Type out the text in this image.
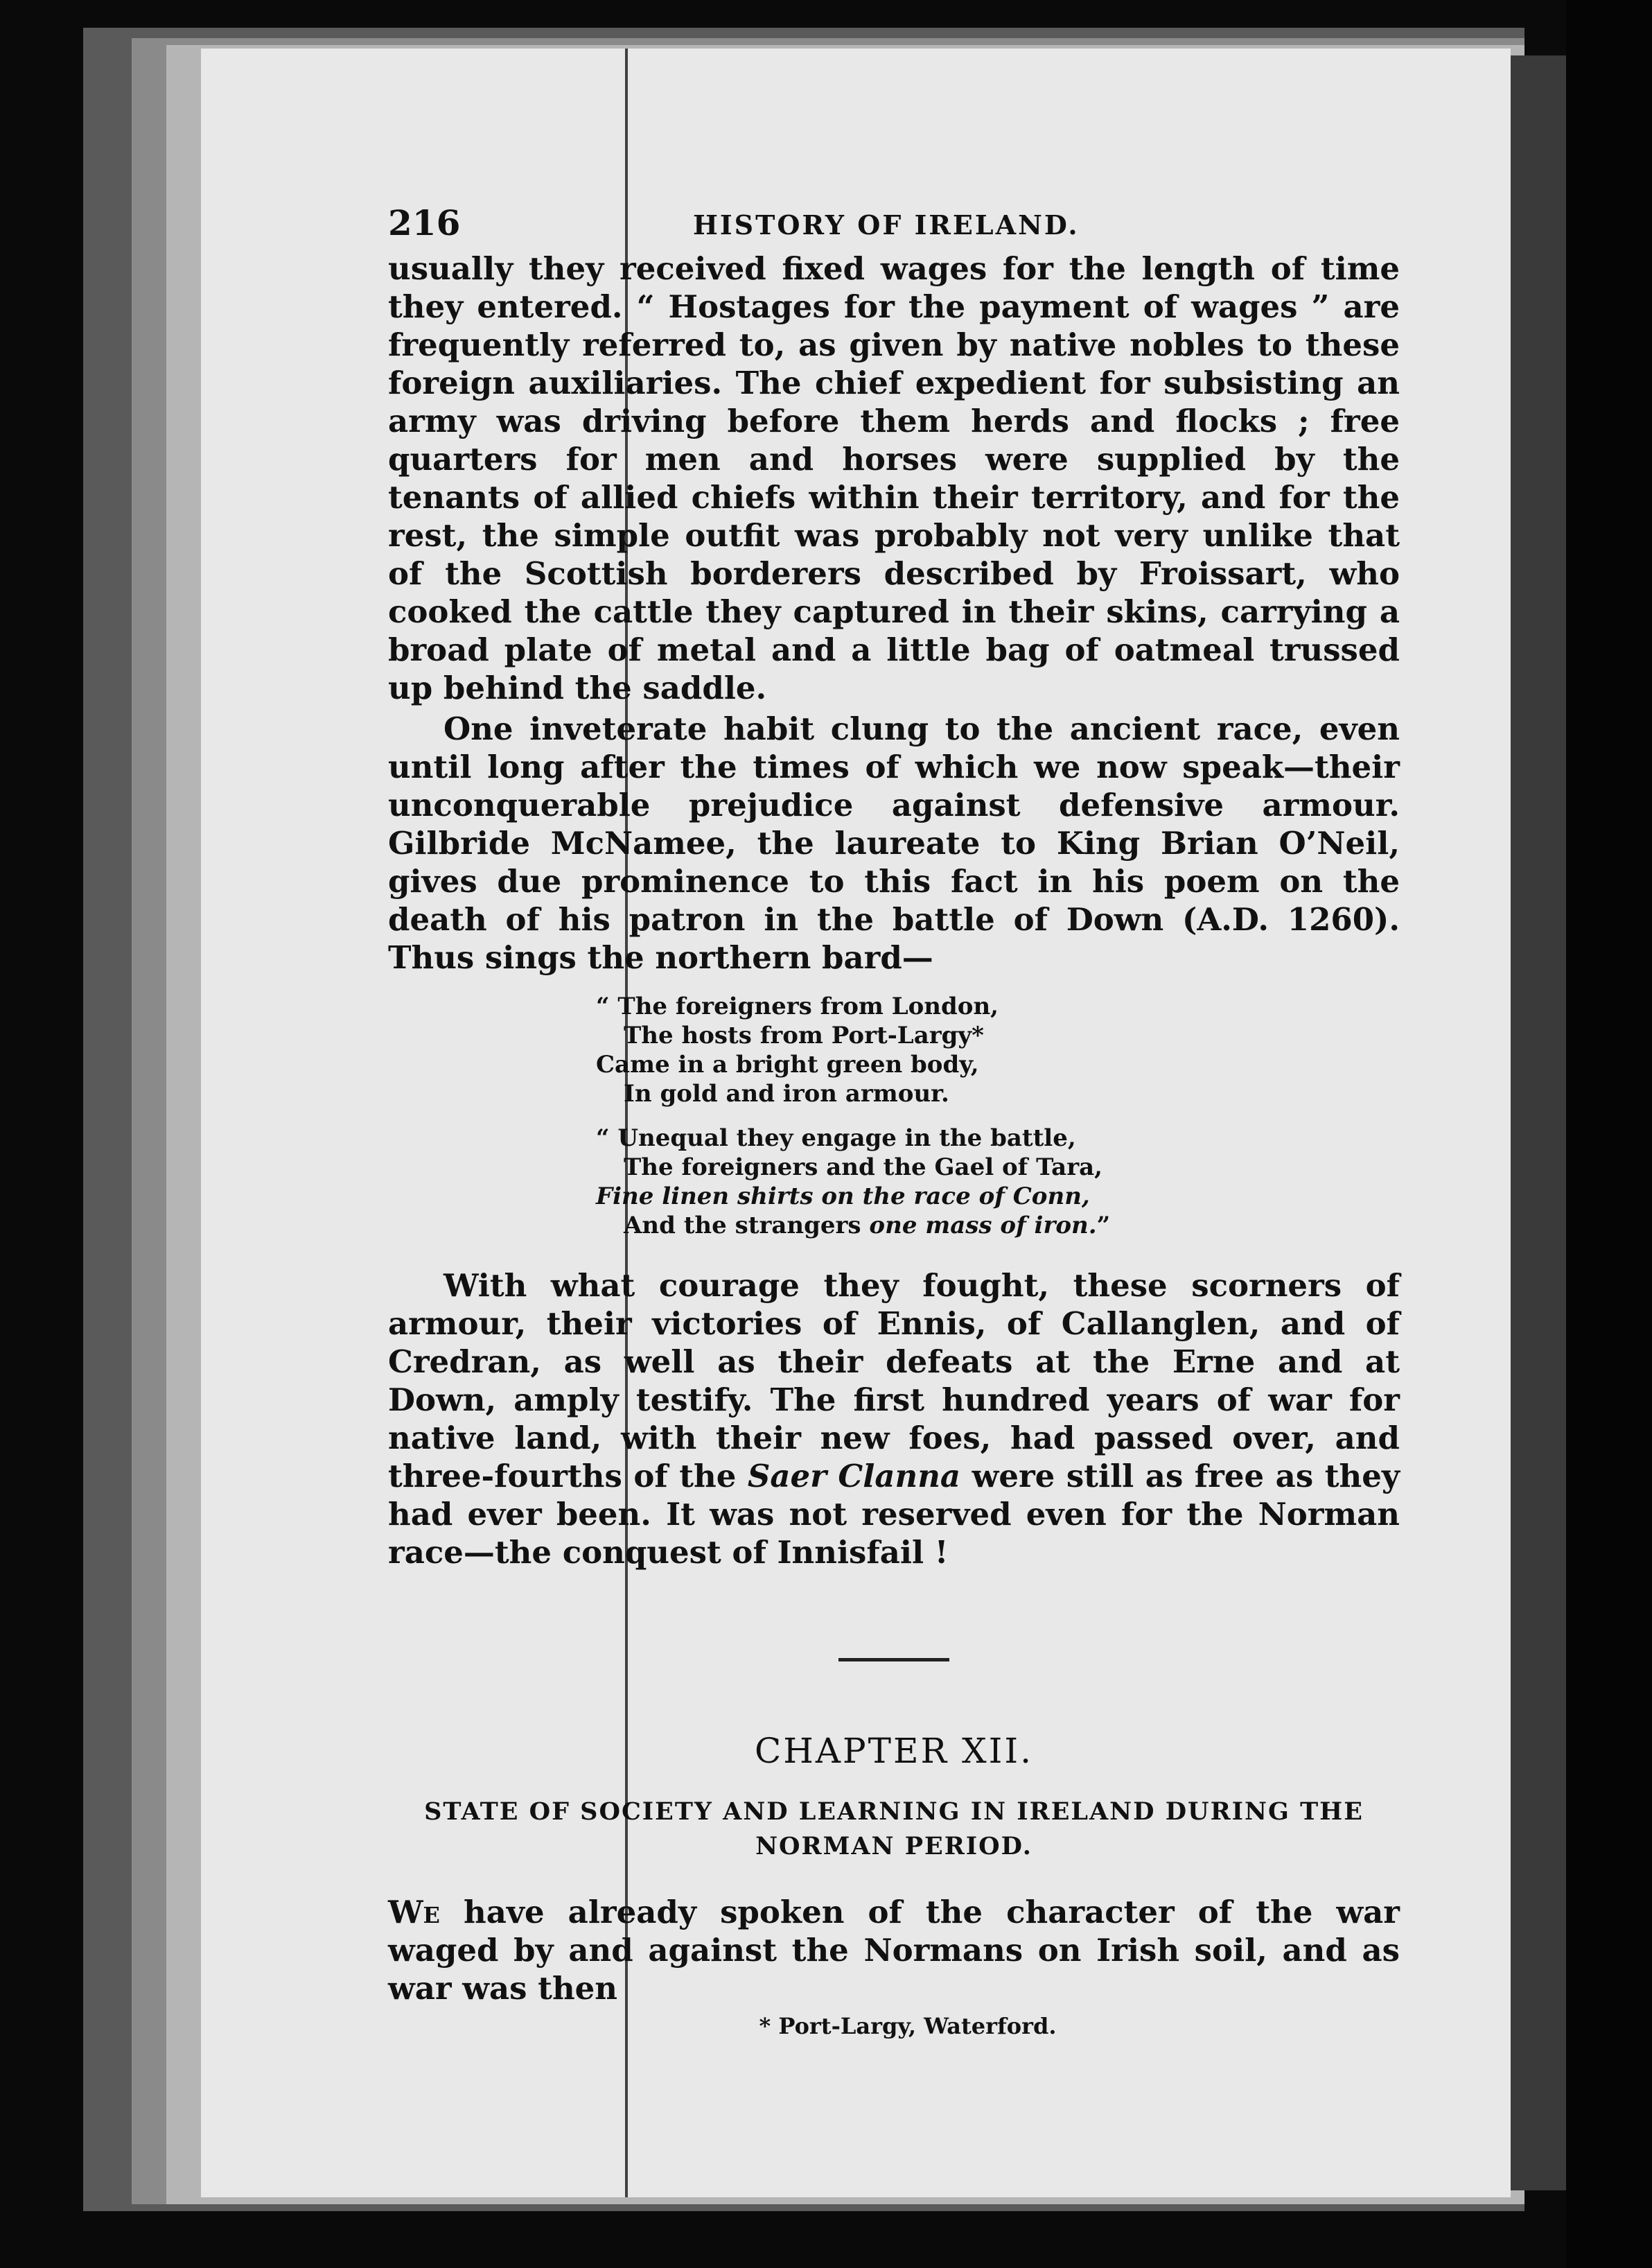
216	HISTORY OF IRELAND.

usually they received fixed wages for the length of time they entered. “ Hostages for the payment of wages ” are frequently referred to, as given by native nobles to these foreign auxiliaries. The chief expedient for subsisting an army was driving before them herds and flocks ; free quarters for men and horses were supplied by the tenants of allied chiefs within their territory, and for the rest, the simple outfit was probably not very unlike that of the Scottish borderers described by Froissart, who cooked the cattle they captured in their skins, carrying a broad plate of metal and a little bag of oatmeal trussed up behind the saddle.

One inveterate habit clung to the ancient race, even until long after the times of which we now speak—their unconquerable prejudice against defensive armour. Gilbride McNamee, the laureate to King Brian O’Neil, gives due prominence to this fact in his poem on the death of his patron in the battle of Down (A.D. 1260). Thus sings the northern bard—

“ The foreigners from London,
The hosts from Port-Largy*
Came in a bright green body,
In gold and iron armour.
“ Unequal they engage in the battle,
The foreigners and the Gael of Tara,
Fine linen shirts on the race of Conn,
And the strangers one mass of iron.”

With what courage they fought, these scorners of armour, their victories of Ennis, of Callanglen, and of Credran, as well as their defeats at the Erne and at Down, amply testify. The first hundred years of war for native land, with their new foes, had passed over, and three-fourths of the Saer Clanna were still as free as they had ever been. It was not reserved even for the Norman race—the conquest of Innisfail !

CHAPTER XII.
STATE OF SOCIETY AND LEARNING IN IRELAND DURING THE NORMAN PERIOD.

We have already spoken of the character of the war waged by and against the Normans on Irish soil, and as war was then

* Port-Largy, Waterford.
